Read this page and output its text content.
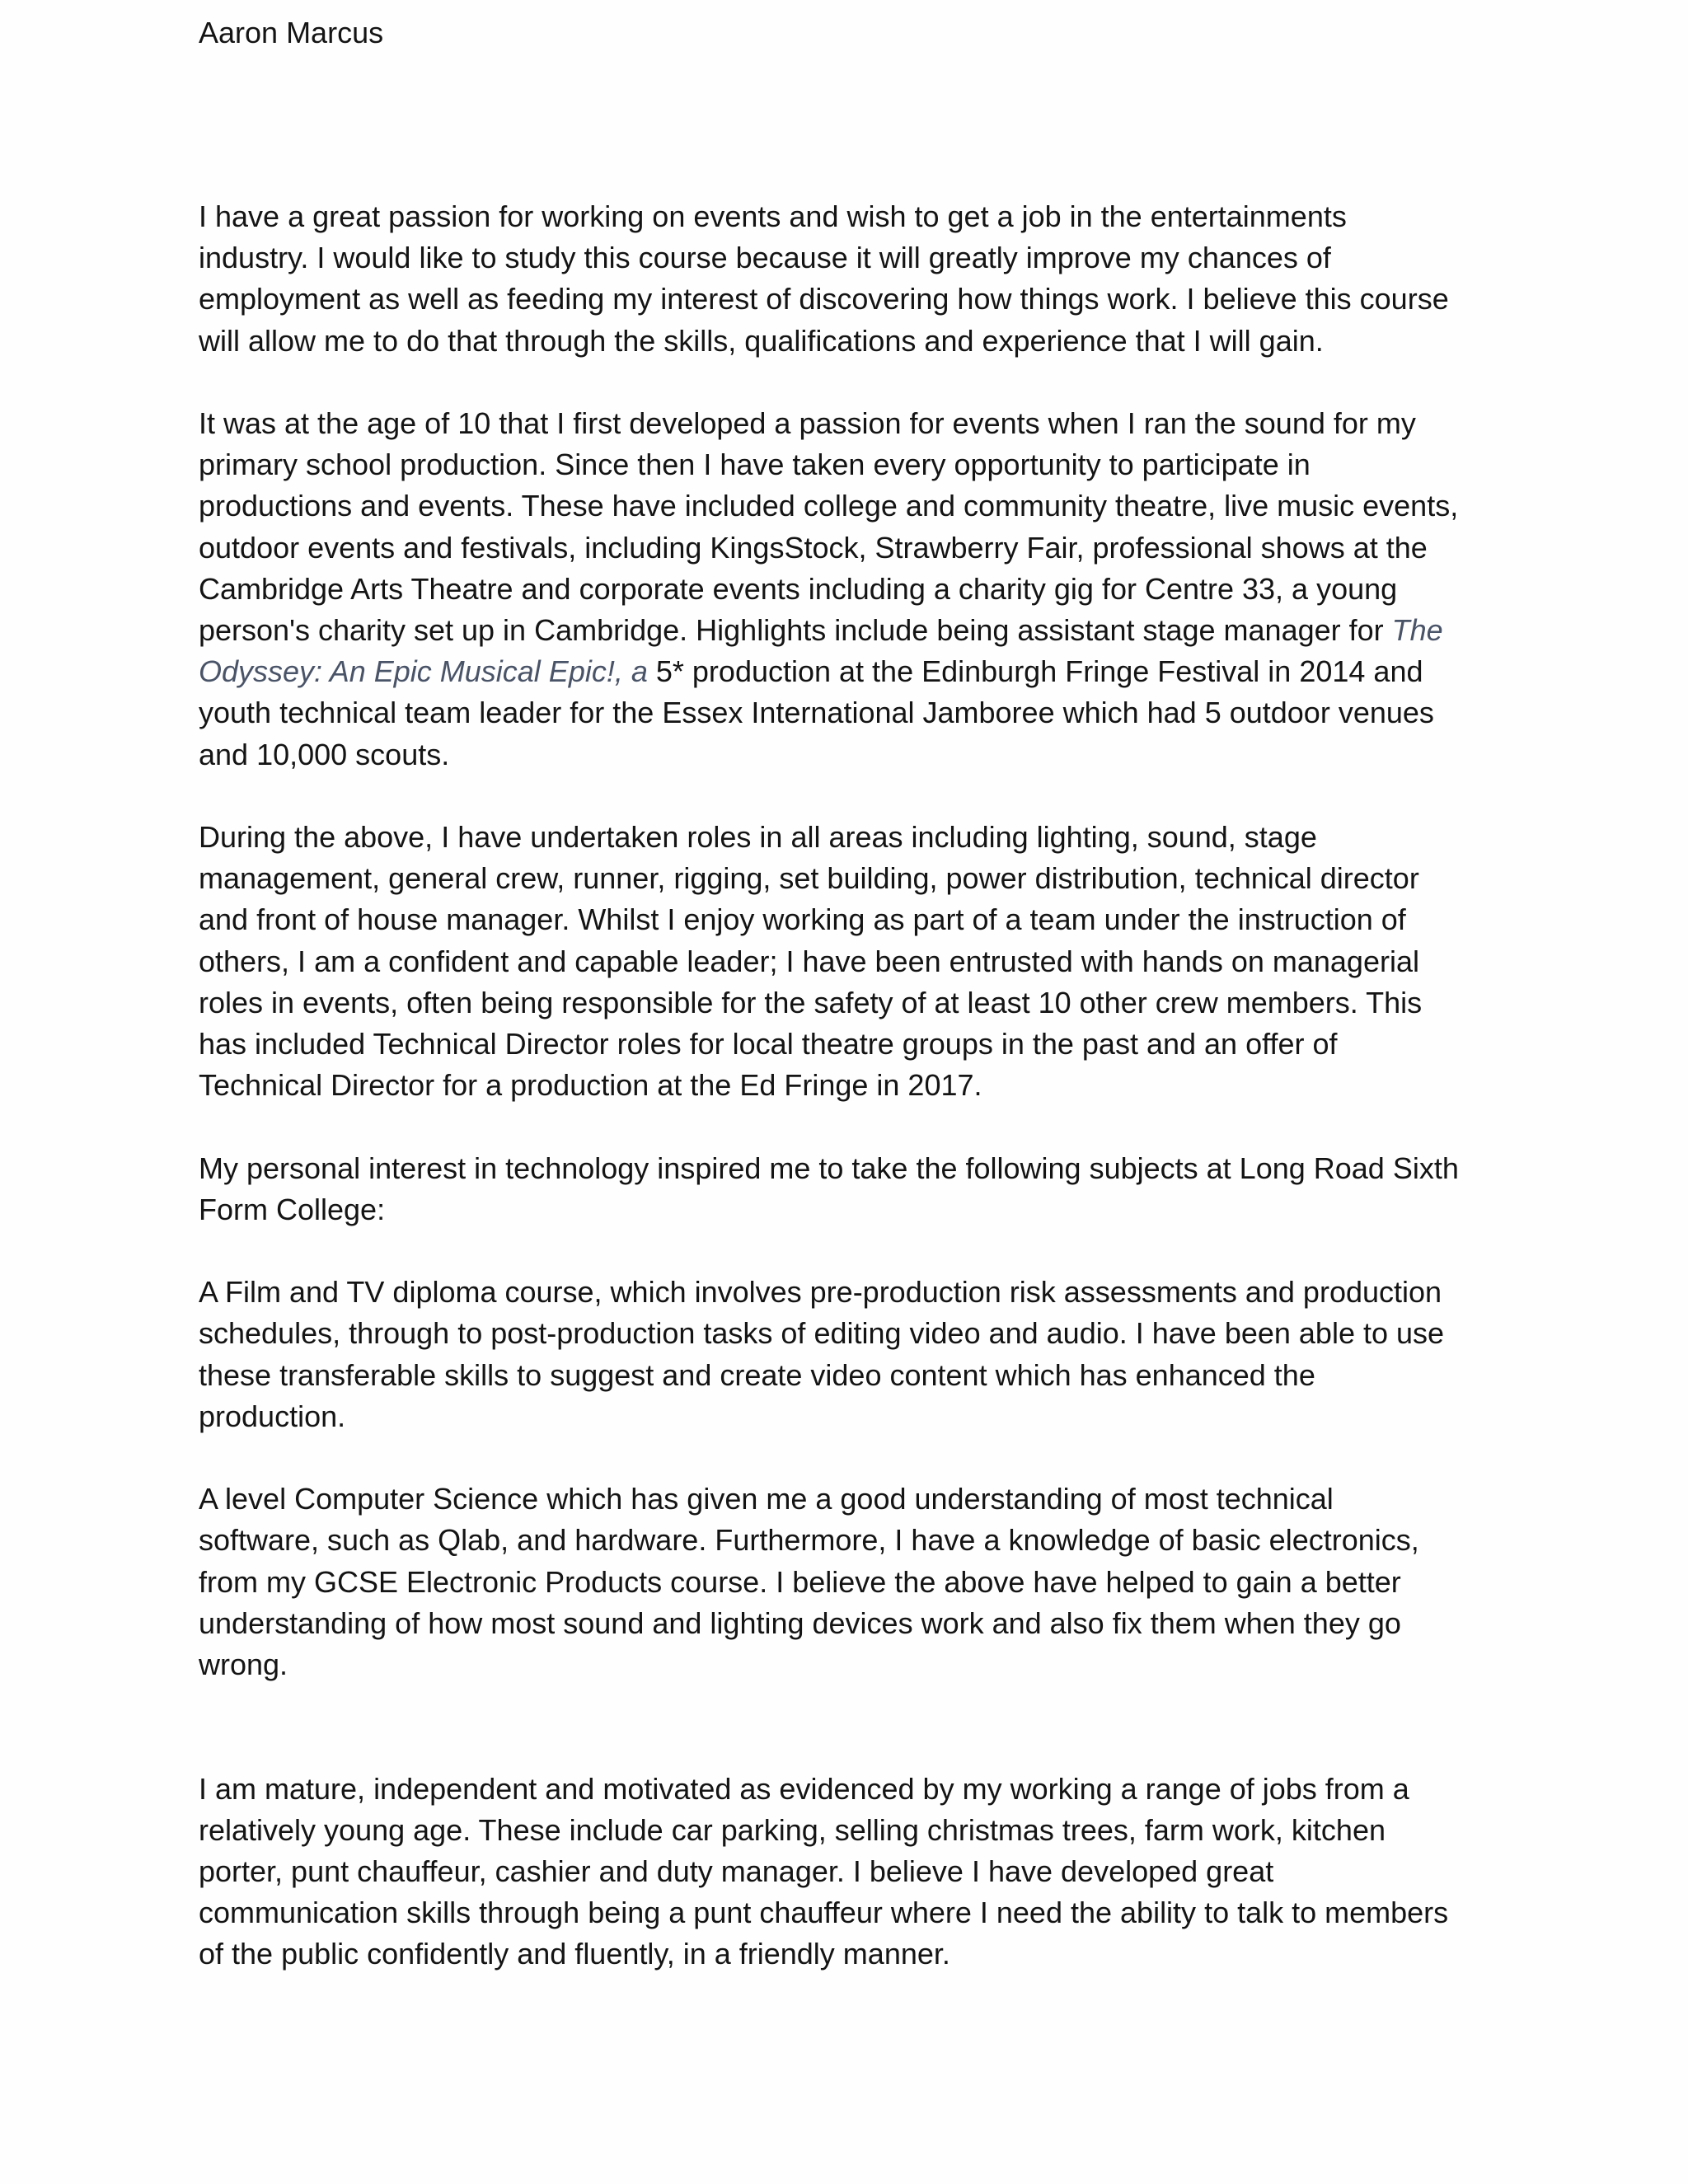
Aaron Marcus

I have a great passion for working on events and wish to get a job in the entertainments

industry. I would like to study this course because it will greatly improve my chances of

employment as well as feeding my interest of discovering how things work. I believe this course

will allow me to do that through the skills, qualifications and experience that I will gain.

It was at the age of 10 that I first developed a passion for events when I ran the sound for my

primary school production. Since then I have taken every opportunity to participate in

productions and events. These have included college and community theatre, live music events,

outdoor events and festivals, including KingsStock, Strawberry Fair, professional shows at the

Cambridge Arts Theatre and corporate events including a charity gig for Centre 33, a young

person's charity set up in Cambridge. Highlights include being assistant stage manager for The

Odyssey: An Epic Musical Epic!, a 5* production at the Edinburgh Fringe Festival in 2014 and

youth technical team leader for the Essex International Jamboree which had 5 outdoor venues

and 10,000 scouts.

During the above, I have undertaken roles in all areas including lighting, sound, stage

management, general crew, runner, rigging, set building, power distribution, technical director

and front of house manager. Whilst I enjoy working as part of a team under the instruction of

others, I am a confident and capable leader; I have been entrusted with hands on managerial

roles in events, often being responsible for the safety of at least 10 other crew members. This

has included Technical Director roles for local theatre groups in the past and an offer of

Technical Director for a production at the Ed Fringe in 2017.

My personal interest in technology inspired me to take the following subjects at Long Road Sixth

Form College:

A Film and TV diploma course, which involves pre-production risk assessments and production

schedules, through to post-production tasks of editing video and audio. I have been able to use

these transferable skills to suggest and create video content which has enhanced the

production.

A level Computer Science which has given me a good understanding of most technical

software, such as Qlab, and hardware. Furthermore, I have a knowledge of basic electronics,

from my GCSE Electronic Products course. I believe the above have helped to gain a better

understanding of how most sound and lighting devices work and also fix them when they go

wrong.

I am mature, independent and motivated as evidenced by my working a range of jobs from a

relatively young age. These include car parking, selling christmas trees, farm work, kitchen

porter, punt chauffeur, cashier and duty manager. I believe I have developed great

communication skills through being a punt chauffeur where I need the ability to talk to members

of the public confidently and fluently, in a friendly manner.
